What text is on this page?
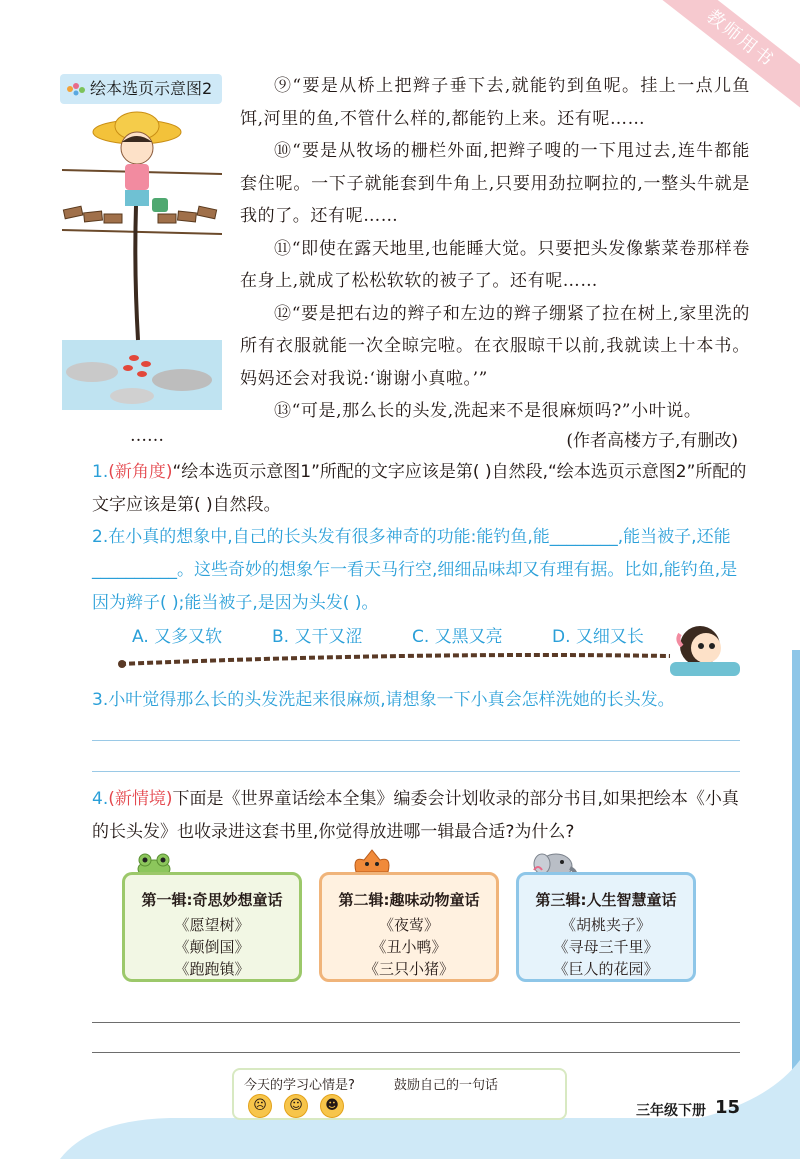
教师用书
绘本选页示意图2	⑨“要是从桥上把辫子垂下去,就能钓到鱼呢。挂上一点儿鱼饵,河里的鱼,不管什么样的,都能钓上来。还有呢……

⑩“要是从牧场的栅栏外面,把辫子嗖的一下甩过去,连牛都能套住呢。一下子就能套到牛角上,只要用劲拉啊拉的,一整头牛就是我的了。还有呢……

⑪“即使在露天地里,也能睡大觉。只要把头发像紫菜卷那样卷在身上,就成了松松软软的被子了。还有呢……

⑫“要是把右边的辫子和左边的辫子绷紧了拉在树上,家里洗的所有衣服就能一次全晾完啦。在衣服晾干以前,我就读上十本书。妈妈还会对我说:‘谢谢小真啦。’”

⑬“可是,那么长的头发,洗起来不是很麻烦吗?”小叶说。

……	(作者高楼方子,有删改)

1.(新角度)“绘本选页示意图1”所配的文字应该是第( )自然段,“绘本选页示意图2”所配的文字应该是第( )自然段。

2.在小真的想象中,自己的长头发有很多神奇的功能:能钓鱼,能________,能当被子,还能__________。这些奇妙的想象乍一看天马行空,细细品味却又有理有据。比如,能钓鱼,是因为辫子( );能当被子,是因为头发( )。

A. 又多又软	B. 又干又涩	C. 又黑又亮	D. 又细又长

3.小叶觉得那么长的头发洗起来很麻烦,请想象一下小真会怎样洗她的长头发。

4.(新情境)下面是《世界童话绘本全集》编委会计划收录的部分书目,如果把绘本《小真的长头发》也收录进这套书里,你觉得放进哪一辑最合适?为什么?

第一辑:奇思妙想童话

《愿望树》

《颠倒国》

《跑跑镇》

第二辑:趣味动物童话

《夜莺》

《丑小鸭》

《三只小猪》

第三辑:人生智慧童话

《胡桃夹子》

《寻母三千里》

《巨人的花园》

今天的学习心情是?	鼓励自己的一句话
☹	☺	☻	三年级下册 15
